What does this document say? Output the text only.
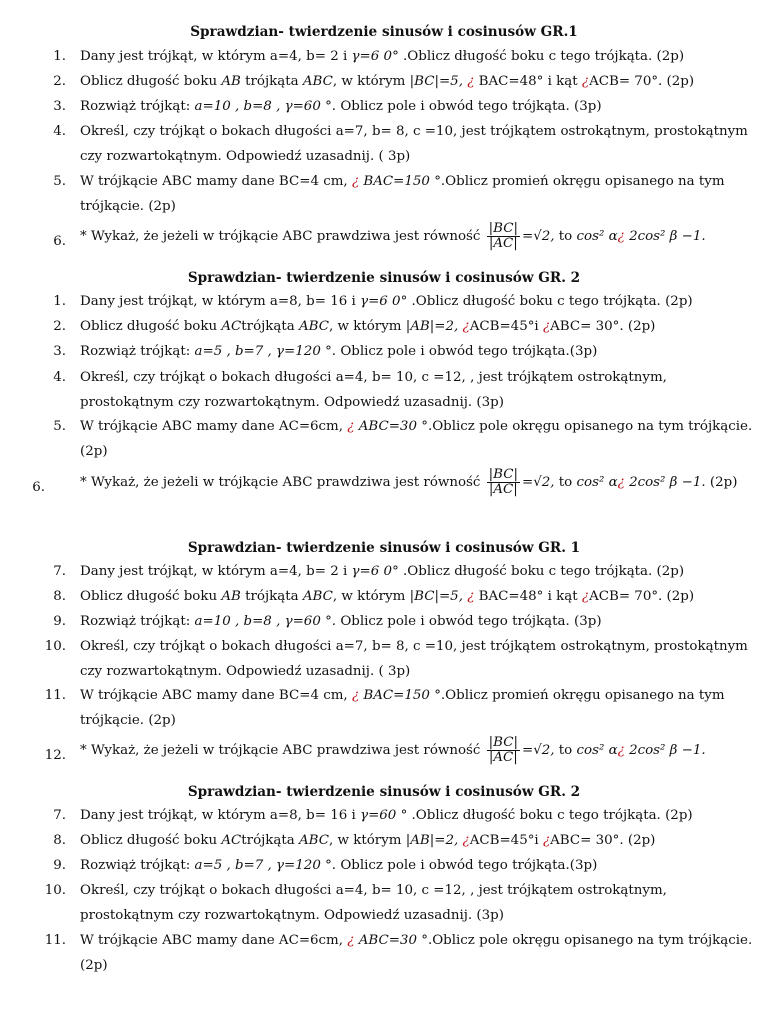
Sprawdzian- twierdzenie sinusów i cosinusów GR.1
1. Dany jest trójkąt, w którym a=4, b= 2 i γ=6 0° .Oblicz długość boku c tego trójkąta. (2p)
2. Oblicz długość boku AB trójkąta ABC, w którym |BC|=5, ¿ BAC=48° i kąt ¿ACB= 70°. (2p)
3. Rozwiąż trójkąt: a=10 , b=8 , γ=60 °. Oblicz pole i obwód tego trójkąta. (3p)
4. Określ, czy trójkąt o bokach długości a=7, b= 8, c =10, jest trójkątem ostrokątnym, prostokątnym
czy rozwartokątnym. Odpowiedź uzasadnij. ( 3p)
5. W trójkącie ABC mamy dane BC=4 cm, ¿ BAC=150 °.Oblicz promień okręgu opisanego na tym
trójkącie. (2p)
6. * Wykaż, że jeżeli w trójkącie ABC prawdziwa jest równość $\frac{|BC|}{|AC|} =√2$, to cos² α¿ 2cos² β −1.
Sprawdzian- twierdzenie sinusów i cosinusów GR. 2
1. Dany jest trójkąt, w którym a=8, b= 16 i γ=6 0° .Oblicz długość boku c tego trójkąta. (2p)
2. Oblicz długość boku ACtrójkąta ABC, w którym |AB|=2, ¿ACB=45°i ¿ABC= 30°. (2p)
3. Rozwiąż trójkąt: a=5 , b=7 , γ=120 °. Oblicz pole i obwód tego trójkąta.(3p)
4. Określ, czy trójkąt o bokach długości a=4, b= 10, c =12, , jest trójkątem ostrokątnym,
prostokątnym czy rozwartokątnym. Odpowiedź uzasadnij. (3p)
5. W trójkącie ABC mamy dane AC=6cm, ¿ ABC=30 °.Oblicz pole okręgu opisanego na tym trójkącie.
(2p)
6.	* Wykaż, że jeżeli w trójkącie ABC prawdziwa jest równość $\frac{|BC|}{|AC|} =√2$, to cos² α¿ 2cos² β −1. (2p)
Sprawdzian- twierdzenie sinusów i cosinusów GR. 1
7. Dany jest trójkąt, w którym a=4, b= 2 i γ=6 0° .Oblicz długość boku c tego trójkąta. (2p)
8. Oblicz długość boku AB trójkąta ABC, w którym |BC|=5, ¿ BAC=48° i kąt ¿ACB= 70°. (2p)
9. Rozwiąż trójkąt: a=10 , b=8 , γ=60 °. Oblicz pole i obwód tego trójkąta. (3p)
10. Określ, czy trójkąt o bokach długości a=7, b= 8, c =10, jest trójkątem ostrokątnym, prostokątnym
czy rozwartokątnym. Odpowiedź uzasadnij. ( 3p)
11. W trójkącie ABC mamy dane BC=4 cm, ¿ BAC=150 °.Oblicz promień okręgu opisanego na tym
trójkącie. (2p)
12. * Wykaż, że jeżeli w trójkącie ABC prawdziwa jest równość $\frac{|BC|}{|AC|} =√2$, to cos² α¿ 2cos² β −1.
Sprawdzian- twierdzenie sinusów i cosinusów GR. 2
7. Dany jest trójkąt, w którym a=8, b= 16 i γ=60 ° .Oblicz długość boku c tego trójkąta. (2p)
8. Oblicz długość boku ACtrójkąta ABC, w którym |AB|=2, ¿ACB=45°i ¿ABC= 30°. (2p)
9. Rozwiąż trójkąt: a=5 , b=7 , γ=120 °. Oblicz pole i obwód tego trójkąta.(3p)
10. Określ, czy trójkąt o bokach długości a=4, b= 10, c =12, , jest trójkątem ostrokątnym,
prostokątnym czy rozwartokątnym. Odpowiedź uzasadnij. (3p)
11. W trójkącie ABC mamy dane AC=6cm, ¿ ABC=30 °.Oblicz pole okręgu opisanego na tym trójkącie.
(2p)
